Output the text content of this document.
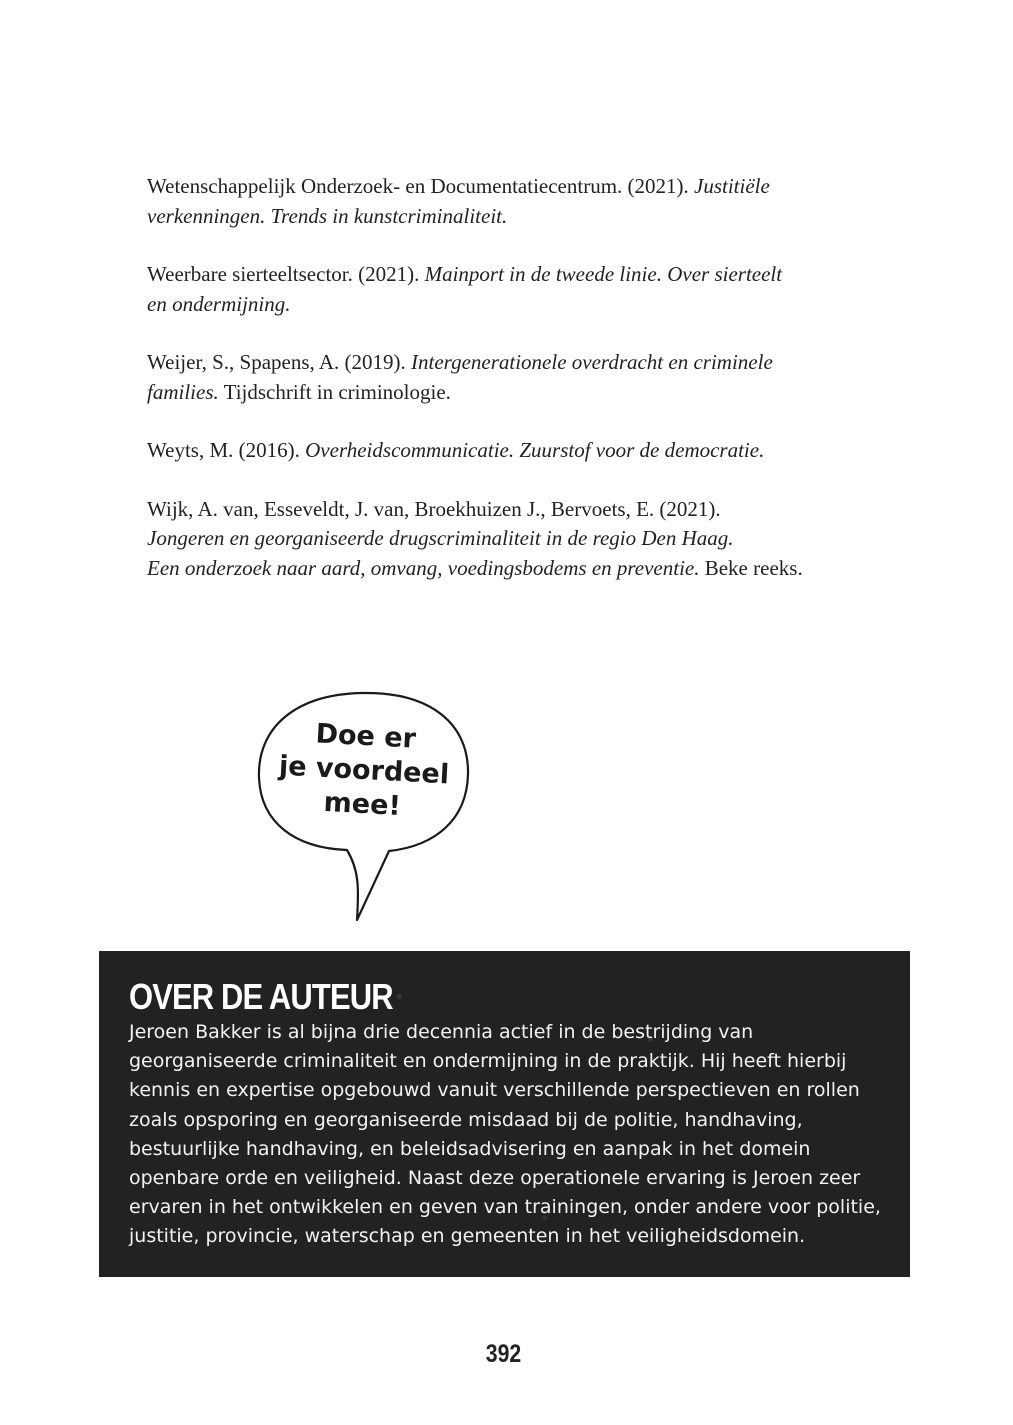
Wetenschappelijk Onderzoek- en Documentatiecentrum. (2021). Justitiële
verkenningen. Trends in kunstcriminaliteit.
Weerbare sierteeltsector. (2021). Mainport in de tweede linie. Over sierteelt
en ondermijning.
Weijer, S., Spapens, A. (2019). Intergenerationele overdracht en criminele
families. Tijdschrift in criminologie.
Weyts, M. (2016). Overheidscommunicatie. Zuurstof voor de democratie.
Wijk, A. van, Esseveldt, J. van, Broekhuizen J., Bervoets, E. (2021).
Jongeren en georganiseerde drugscriminaliteit in de regio Den Haag.
Een onderzoek naar aard, omvang, voedingsbodems en preventie. Beke reeks.
Doe er
je voordeel
mee!
OVER DE AUTEUR
Jeroen Bakker is al bijna drie decennia actief in de bestrijding van
georganiseerde criminaliteit en ondermijning in de praktijk. Hij heeft hierbij
kennis en expertise opgebouwd vanuit verschillende perspectieven en rollen
zoals opsporing en georganiseerde misdaad bij de politie, handhaving,
bestuurlijke handhaving, en beleidsadvisering en aanpak in het domein
openbare orde en veiligheid. Naast deze operationele ervaring is Jeroen zeer
ervaren in het ontwikkelen en geven van trainingen, onder andere voor politie,
justitie, provincie, waterschap en gemeenten in het veiligheidsdomein.
392
